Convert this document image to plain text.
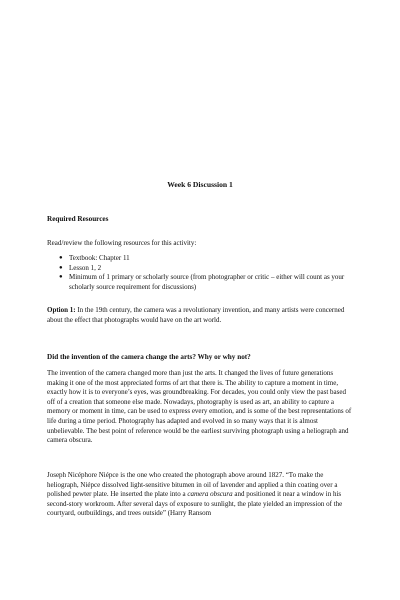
Week 6 Discussion 1
Required Resources
Read/review the following resources for this activity:
● Textbook: Chapter 11
● Lesson 1, 2
● Minimum of 1 primary or scholarly source (from photographer or critic – either will count as your scholarly source requirement for discussions)
Option 1: In the 19th century, the camera was a revolutionary invention, and many artists were concerned about the effect that photographs would have on the art world.
Did the invention of the camera change the arts? Why or why not?
The invention of the camera changed more than just the arts. It changed the lives of future generations making it one of the most appreciated forms of art that there is. The ability to capture a moment in time, exactly how it is to everyone’s eyes, was groundbreaking. For decades, you could only view the past based off of a creation that someone else made. Nowadays, photography is used as art, an ability to capture a memory or moment in time, can be used to express every emotion, and is some of the best representations of life during a time period. Photography has adapted and evolved in so many ways that it is almost unbelievable. The best point of reference would be the earliest surviving photograph using a heliograph and camera obscura.
Joseph Nicéphore Niépce is the one who created the photograph above around 1827. “To make the heliograph, Niépce dissolved light-sensitive bitumen in oil of lavender and applied a thin coating over a polished pewter plate. He inserted the plate into a camera obscura and positioned it near a window in his second-story workroom. After several days of exposure to sunlight, the plate yielded an impression of the courtyard, outbuildings, and trees outside” (Harry Ransom
